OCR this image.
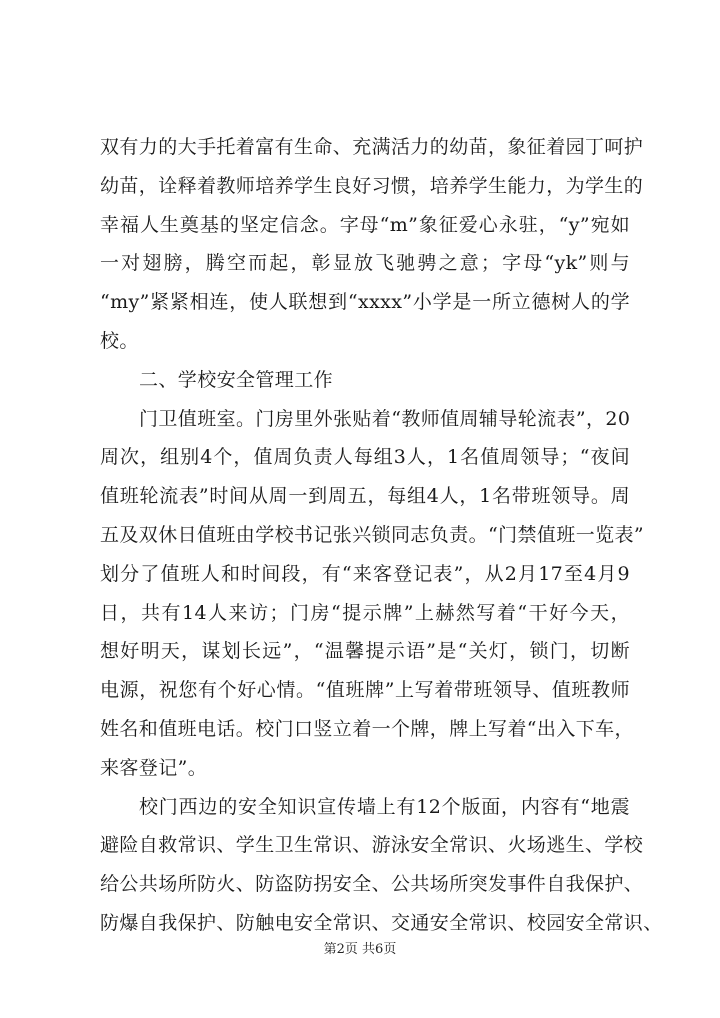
双有力的大手托着富有生命、充满活力的幼苗，象征着园丁呵护
幼苗，诠释着教师培养学生良好习惯，培养学生能力，为学生的
幸福人生奠基的坚定信念。字母“m”象征爱心永驻，“y”宛如
一对翅膀，腾空而起，彰显放飞驰骋之意；字母“yk”则与
“my”紧紧相连，使人联想到“xxxx”小学是一所立德树人的学
校。
二、学校安全管理工作
门卫值班室。门房里外张贴着“教师值周辅导轮流表”，20
周次，组别4个，值周负责人每组3人，1名值周领导；“夜间
值班轮流表”时间从周一到周五，每组4人，1名带班领导。周
五及双休日值班由学校书记张兴锁同志负责。“门禁值班一览表”
划分了值班人和时间段，有“来客登记表”，从2月17至4月9
日，共有14人来访；门房“提示牌”上赫然写着“干好今天，
想好明天，谋划长远”，“温馨提示语”是“关灯，锁门，切断
电源，祝您有个好心情。“值班牌”上写着带班领导、值班教师
姓名和值班电话。校门口竖立着一个牌，牌上写着“出入下车，
来客登记”。
校门西边的安全知识宣传墙上有12个版面，内容有“地震
避险自救常识、学生卫生常识、游泳安全常识、火场逃生、学校
给公共场所防火、防盗防拐安全、公共场所突发事件自我保护、
防爆自我保护、防触电安全常识、交通安全常识、校园安全常识、
第2页 共6页
